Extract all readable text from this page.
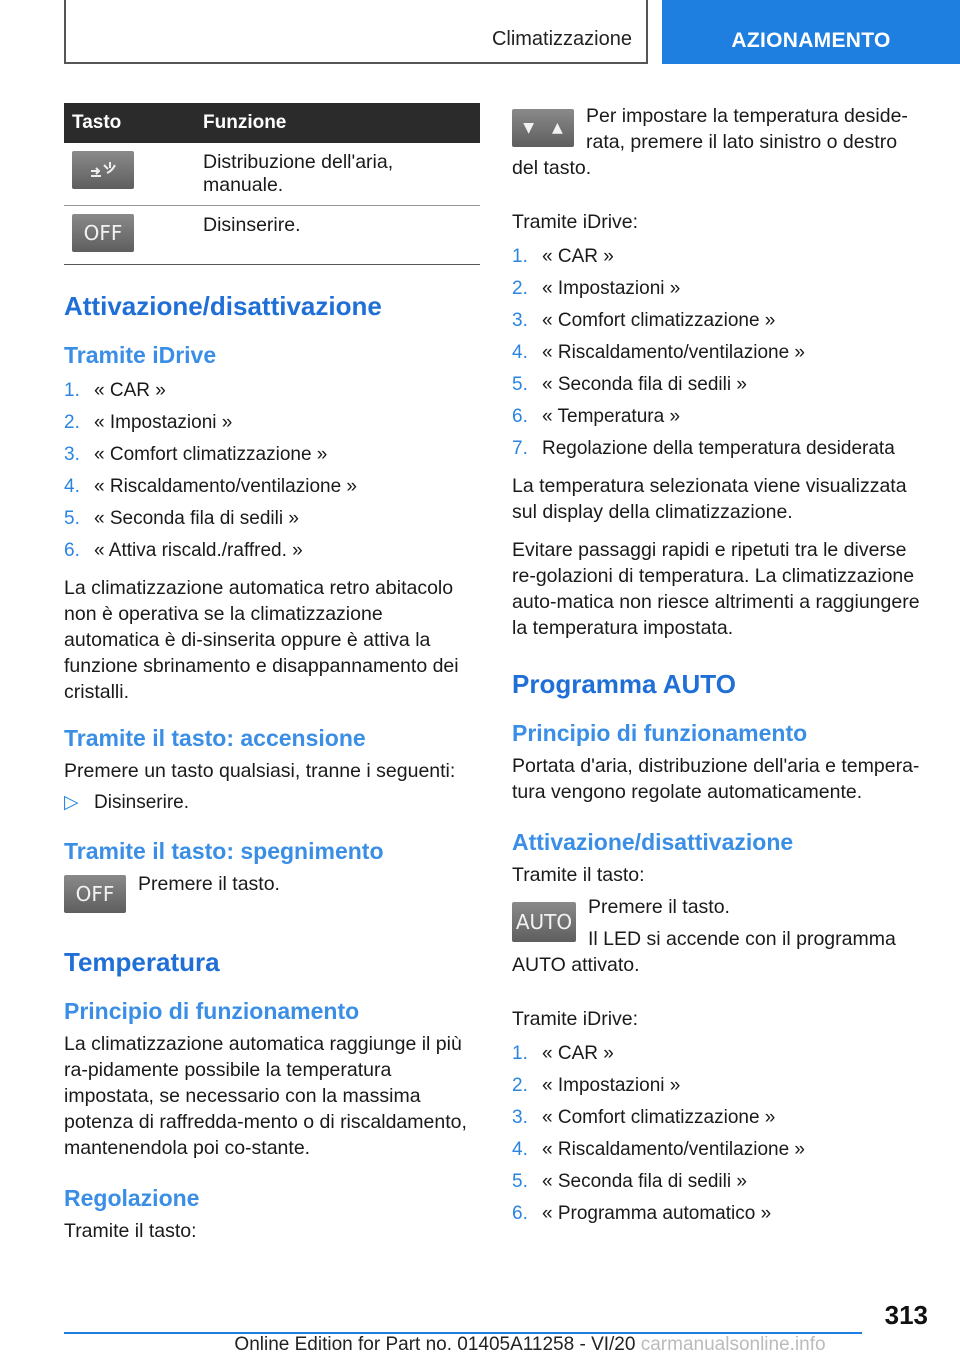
Climatizzazione	AZIONAMENTO
Tasto	Funzione

	Distribuzione dell'aria, manuale.
OFF	Disinserire.
Attivazione/disattivazione
Tramite iDrive
1. « CAR »
2. « Impostazioni »
3. « Comfort climatizzazione »
4. « Riscaldamento/ventilazione »
5. « Seconda fila di sedili »
6. « Attiva riscald./raffred. »

La climatizzazione automatica retro abitacolo non è operativa se la climatizzazione automatica è di-sinserita oppure è attiva la funzione sbrinamento e disappannamento dei cristalli.

Tramite il tasto: accensione

Premere un tasto qualsiasi, tranne i seguenti:

▷ Disinserire.
Tramite il tasto: spegnimento
OFF	Premere il tasto.

Temperatura
Principio di funzionamento

La climatizzazione automatica raggiunge il più ra-pidamente possibile la temperatura impostata, se necessario con la massima potenza di raffredda-mento o di riscaldamento, mantenendola poi co-stante.

Regolazione

Tramite il tasto:

▼▲

Per impostare la temperatura deside-rata, premere il lato sinistro o destro del tasto.

Tramite iDrive:

1. « CAR »
2. « Impostazioni »
3. « Comfort climatizzazione »
4. « Riscaldamento/ventilazione »
5. « Seconda fila di sedili »
6. « Temperatura »
7. Regolazione della temperatura desiderata

La temperatura selezionata viene visualizzata sul display della climatizzazione.

Evitare passaggi rapidi e ripetuti tra le diverse re-golazioni di temperatura. La climatizzazione auto-matica non riesce altrimenti a raggiungere la temperatura impostata.

Programma AUTO
Principio di funzionamento

Portata d'aria, distribuzione dell'aria e tempera-tura vengono regolate automaticamente.

Attivazione/disattivazione

Tramite il tasto:

AUTO

Premere il tasto.

Il LED si accende con il programma AUTO attivato.

Tramite iDrive:

1. « CAR »
2. « Impostazioni »
3. « Comfort climatizzazione »
4. « Riscaldamento/ventilazione »
5. « Seconda fila di sedili »
6. « Programma automatico »
313
Online Edition for Part no. 01405A11258 - VI/20 carmanualsonline.info
